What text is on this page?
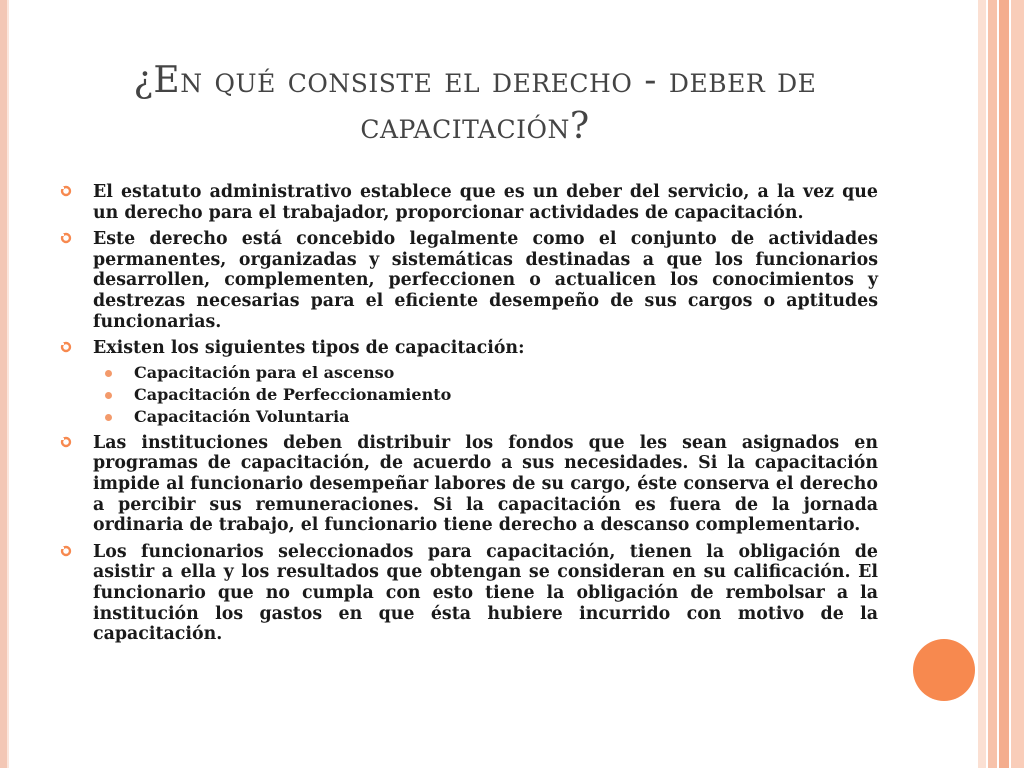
¿En qué consiste el derecho - deber de capacitación?
El estatuto administrativo establece que es un deber del servicio, a la vez que un derecho para el trabajador, proporcionar actividades de capacitación.
Este derecho está concebido legalmente como el conjunto de actividades permanentes, organizadas y sistemáticas destinadas a que los funcionarios desarrollen, complementen, perfeccionen o actualicen los conocimientos y destrezas necesarias para el eficiente desempeño de sus cargos o aptitudes funcionarias.
Existen los siguientes tipos de capacitación:
Capacitación para el ascenso
Capacitación de Perfeccionamiento
Capacitación Voluntaria
Las instituciones deben distribuir los fondos que les sean asignados en programas de capacitación, de acuerdo a sus necesidades. Si la capacitación impide al funcionario desempeñar labores de su cargo, éste conserva el derecho a percibir sus remuneraciones. Si la capacitación es fuera de la jornada ordinaria de trabajo, el funcionario tiene derecho a descanso complementario.
Los funcionarios seleccionados para capacitación, tienen la obligación de asistir a ella y los resultados que obtengan se consideran en su calificación. El funcionario que no cumpla con esto tiene la obligación de rembolsar a la institución los gastos en que ésta hubiere incurrido con motivo de la capacitación.
